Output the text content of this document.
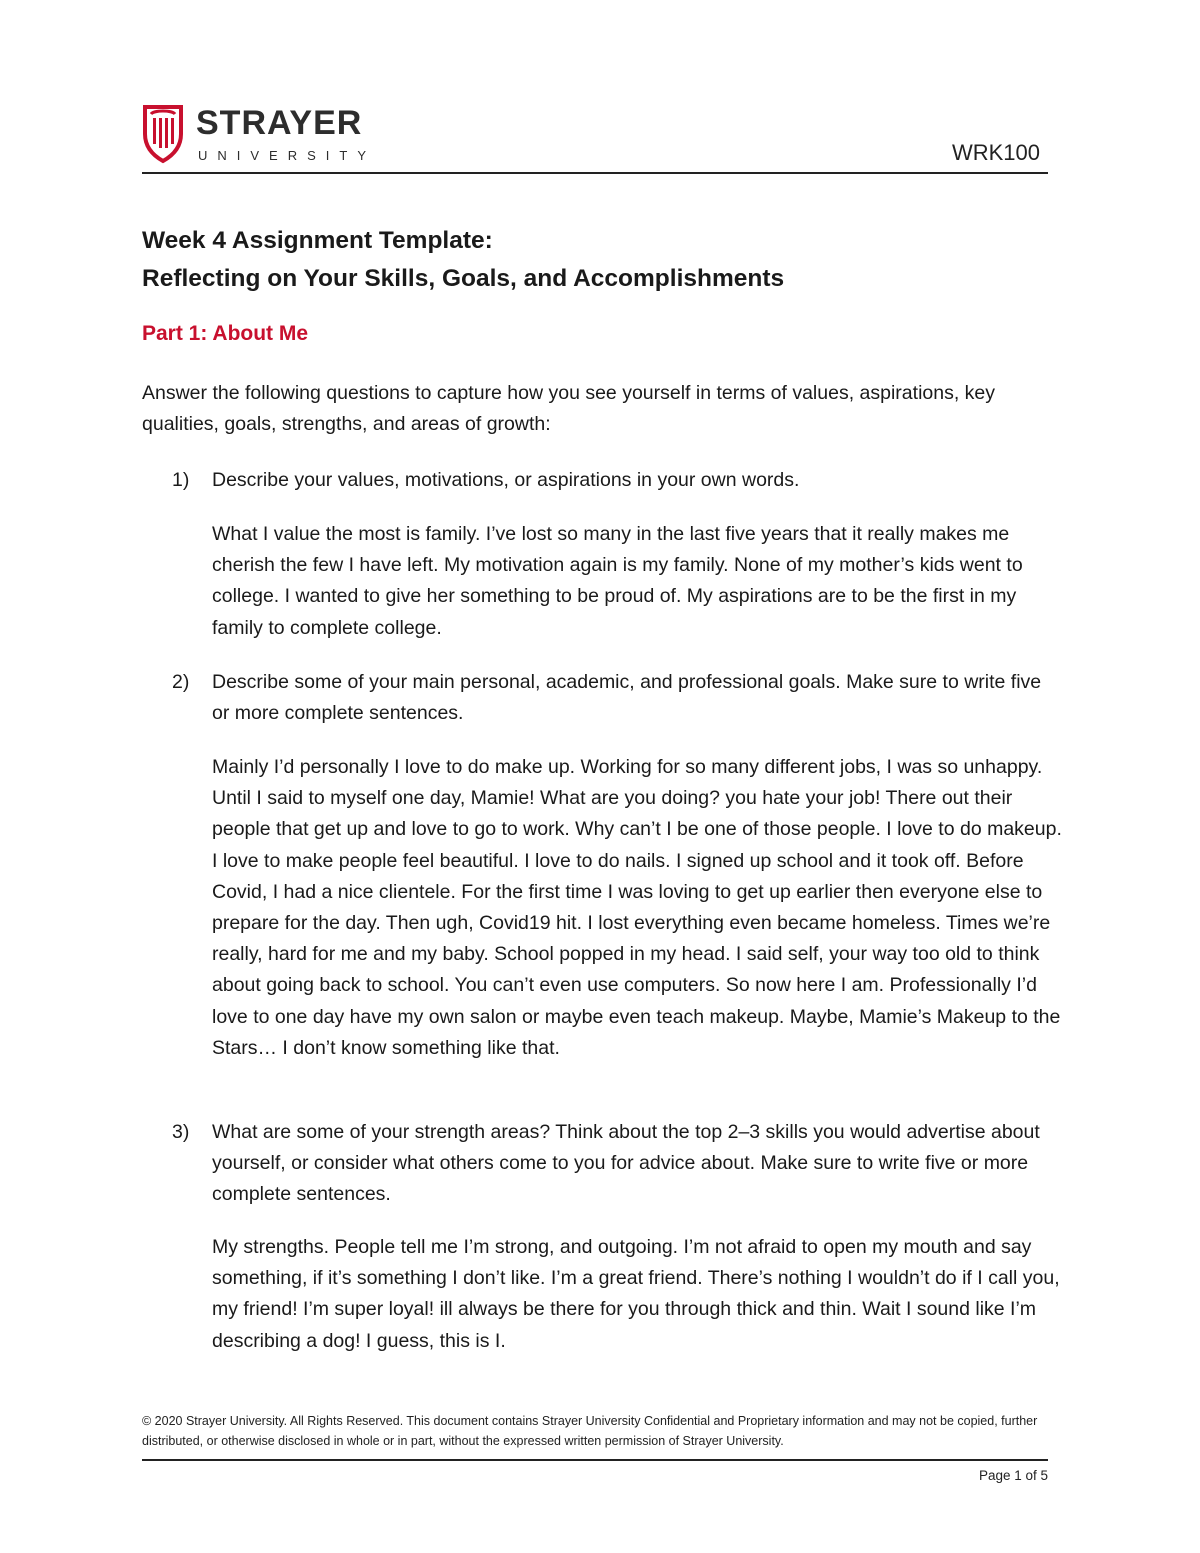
STRAYER
UNIVERSITY	WRK100
Week 4 Assignment Template:
Reflecting on Your Skills, Goals, and Accomplishments
Part 1: About Me
Answer the following questions to capture how you see yourself in terms of values, aspirations, key qualities, goals, strengths, and areas of growth:
1) Describe your values, motivations, or aspirations in your own words.
What I value the most is family. I’ve lost so many in the last five years that it really makes me cherish the few I have left. My motivation again is my family. None of my mother’s kids went to college. I wanted to give her something to be proud of. My aspirations are to be the first in my family to complete college.
2) Describe some of your main personal, academic, and professional goals. Make sure to write five or more complete sentences.
Mainly I’d personally I love to do make up. Working for so many different jobs, I was so unhappy. Until I said to myself one day, Mamie! What are you doing? you hate your job! There out their people that get up and love to go to work. Why can’t I be one of those people. I love to do makeup. I love to make people feel beautiful. I love to do nails. I signed up school and it took off. Before Covid, I had a nice clientele. For the first time I was loving to get up earlier then everyone else to prepare for the day. Then ugh, Covid19 hit. I lost everything even became homeless. Times we’re really, hard for me and my baby. School popped in my head. I said self, your way too old to think about going back to school. You can’t even use computers. So now here I am. Professionally I’d love to one day have my own salon or maybe even teach makeup. Maybe, Mamie’s Makeup to the Stars… I don’t know something like that.
3) What are some of your strength areas? Think about the top 2–3 skills you would advertise about yourself, or consider what others come to you for advice about. Make sure to write five or more complete sentences.
My strengths. People tell me I’m strong, and outgoing. I’m not afraid to open my mouth and say something, if it’s something I don’t like. I’m a great friend. There’s nothing I wouldn’t do if I call you, my friend! I’m super loyal! ill always be there for you through thick and thin. Wait I sound like I’m describing a dog! I guess, this is I.
© 2020 Strayer University. All Rights Reserved. This document contains Strayer University Confidential and Proprietary information and may not be copied, further distributed, or otherwise disclosed in whole or in part, without the expressed written permission of Strayer University.
Page 1 of 5
